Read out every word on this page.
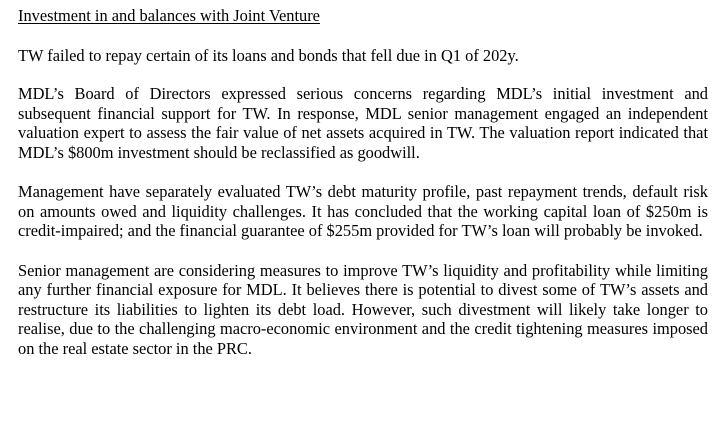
Investment in and balances with Joint Venture

TW failed to repay certain of its loans and bonds that fell due in Q1 of 202y.

MDL’s Board of Directors expressed serious concerns regarding MDL’s initial investment and subsequent financial support for TW. In response, MDL senior management engaged an independent valuation expert to assess the fair value of net assets acquired in TW. The valuation report indicated that MDL’s $800m investment should be reclassified as goodwill.

Management have separately evaluated TW’s debt maturity profile, past repayment trends, default risk on amounts owed and liquidity challenges. It has concluded that the working capital loan of $250m is credit-impaired; and the financial guarantee of $255m provided for TW’s loan will probably be invoked.

Senior management are considering measures to improve TW’s liquidity and profitability while limiting any further financial exposure for MDL. It believes there is potential to divest some of TW’s assets and restructure its liabilities to lighten its debt load. However, such divestment will likely take longer to realise, due to the challenging macro-economic environment and the credit tightening measures imposed on the real estate sector in the PRC.
